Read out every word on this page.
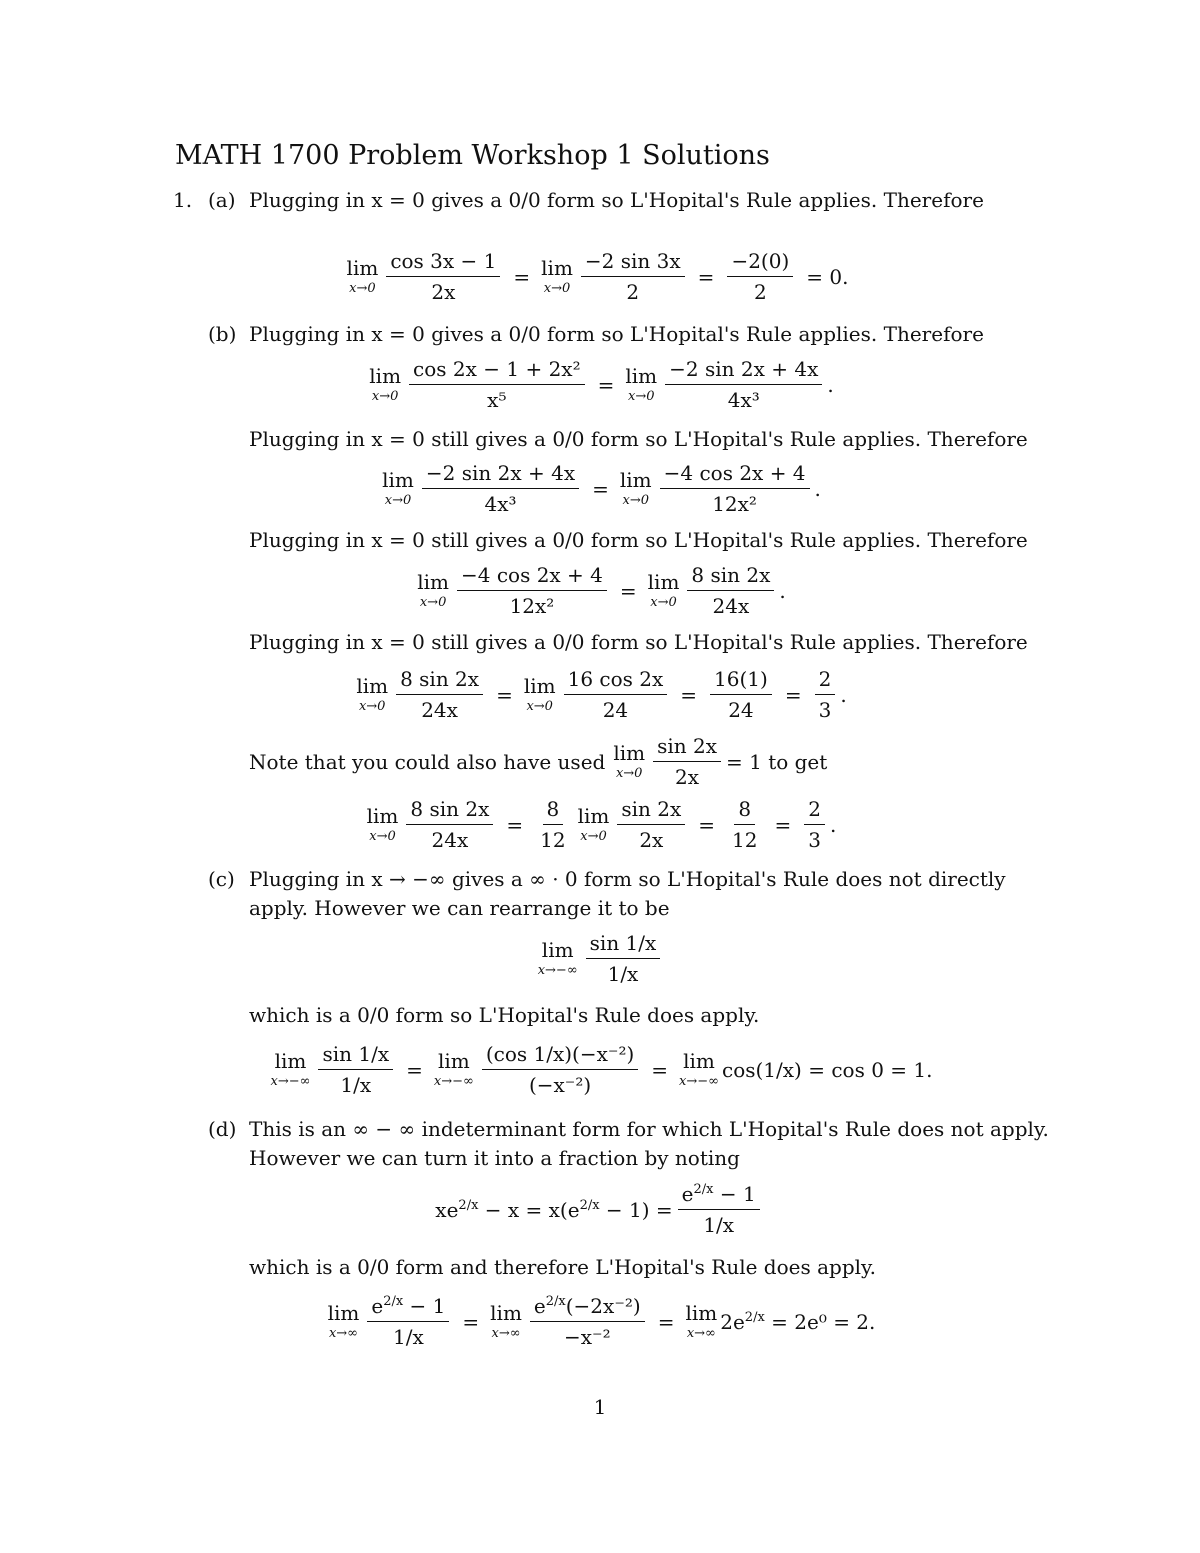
MATH 1700 Problem Workshop 1 Solutions
1. (a) Plugging in x = 0 gives a 0/0 form so L'Hopital's Rule applies. Therefore
lim
$x\to 0 \frac{\cos 3x - 1}{2x} = \lim$
$x\to 0 \frac{-2 \sin 3x}{2} = \frac{-2(0)}{2} = 0$.
(b) Plugging in x = 0 gives a 0/0 form so L'Hopital's Rule applies. Therefore
lim
$x\to 0 \frac{\text{cos 2x − 1 + 2x²}}{\text{x⁵}} = \lim$
$x\to 0 \frac{-2 \sin 2x + 4x}{\text{4x³}}$ .
Plugging in x = 0 still gives a 0/0 form so L'Hopital's Rule applies. Therefore
lim
$x\to 0 \frac{-2 \sin 2x + 4x}{\text{4x³}} = \lim$
$x\to 0 \frac{-4 \cos 2x + 4}{\text{12x²}}$ .
Plugging in x = 0 still gives a 0/0 form so L'Hopital's Rule applies. Therefore
lim
$x\to 0 \frac{-4 \cos 2x + 4}{\text{12x²}} = \lim$
$x\to 0 \frac{8 \sin 2x}{24x}$ .
Plugging in x = 0 still gives a 0/0 form so L'Hopital's Rule applies. Therefore
lim
$x\to 0 \frac{8 \sin 2x}{24x} = \lim$
$x\to 0 \frac{16 \cos 2x}{24} = \frac{16(1)}{24} = \frac{2}{3}$ .
Note that you could also have used lim
$x\to 0 \frac{\sin 2x}{2x} = 1$ to get
lim
$x\to 0 \frac{8 \sin 2x}{24x} = \frac{8}{12}$ lim
$x\to 0 \frac{\sin 2x}{2x} = \frac{8}{12} = \frac{2}{3}$ .
(c) Plugging in x → −∞ gives a ∞ · 0 form so L'Hopital's Rule does not directly
apply. However we can rearrange it to be
lim
$x\to-\infty \frac{\sin 1/x}{1/x}$
which is a 0/0 form so L'Hopital's Rule does apply.
lim
$x\to-\infty \frac{\sin 1/x}{1/x} = \lim$
$x\to-\infty \frac{\text{(cos 1/x)(−x⁻²)}}{\text{(−x⁻²)}} = \lim$
x→−∞ cos(1/x) = cos 0 = 1.
(d) This is an ∞ − ∞ indeterminant form for which L'Hopital's Rule does not apply.
However we can turn it into a fraction by noting
$xe^{2/x} - x = x(e^{2/x} - 1) = \frac{e^{2/x} - 1}{1/x}$
which is a 0/0 form and therefore L'Hopital's Rule does apply.
lim
$x\to\infty \frac{e^{2/x} - 1}{1/x} = \lim$
$x\to\infty \frac{e^{2/x}(-2x^{-2})}{\text{−x⁻²}} = \lim$
x→∞ $2e^{2/x} = 2e^0 = 2$.
1
